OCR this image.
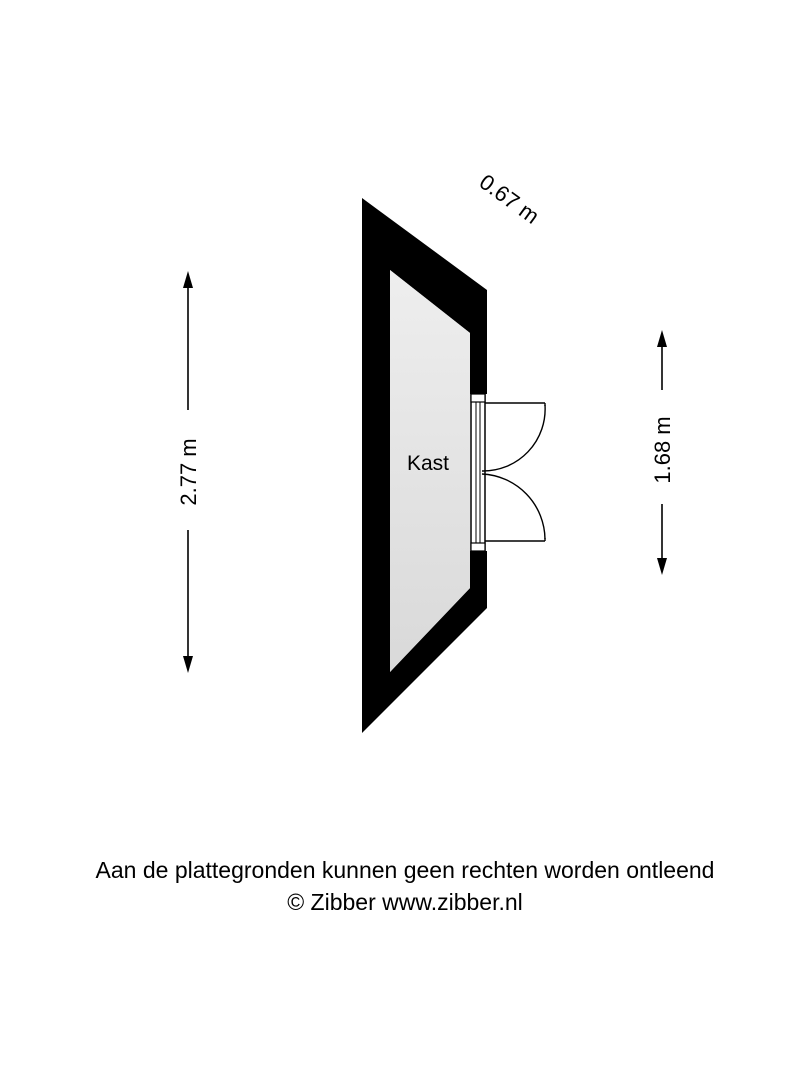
Kast
2.77 m	1.68 m
0.67 m
Aan de plattegronden kunnen geen rechten worden ontleend
© Zibber www.zibber.nl
